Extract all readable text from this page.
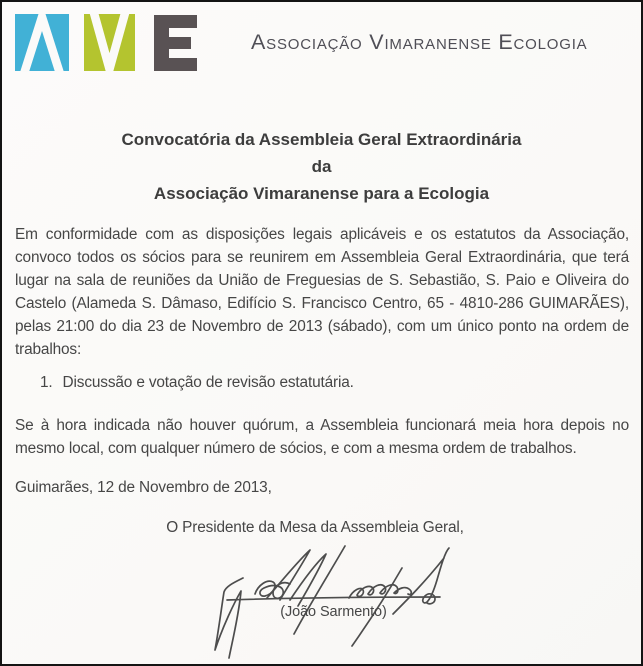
Associação Vimaranense Ecologia
Convocatória da Assembleia Geral Extraordinária
da
Associação Vimaranense para a Ecologia

Em conformidade com as disposições legais aplicáveis e os estatutos da Associação, convoco todos os sócios para se reunirem em Assembleia Geral Extraordinária, que terá lugar na sala de reuniões da União de Freguesias de S. Sebastião, S. Paio e Oliveira do Castelo (Alameda S. Dâmaso, Edifício S. Francisco Centro, 65 - 4810-286 GUIMARÃES), pelas 21:00 do dia 23 de Novembro de 2013 (sábado), com um único ponto na ordem de trabalhos:

1. Discussão e votação de revisão estatutária.

Se à hora indicada não houver quórum, a Assembleia funcionará meia hora depois no mesmo local, com qualquer número de sócios, e com a mesma ordem de trabalhos.

Guimarães, 12 de Novembro de 2013,

O Presidente da Mesa da Assembleia Geral,

(João Sarmento)
